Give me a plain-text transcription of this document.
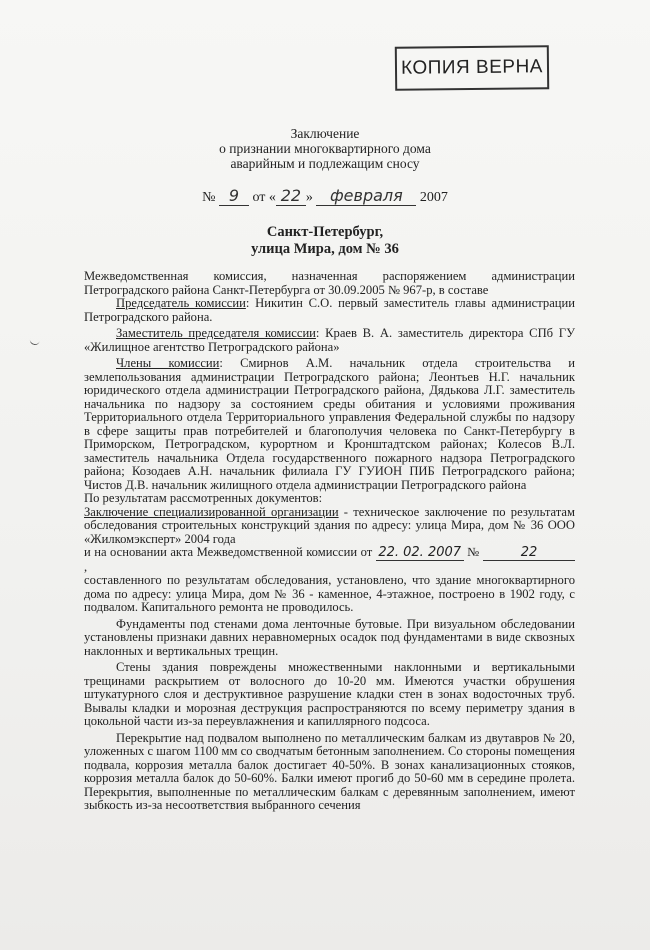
КОПИЯ ВЕРНА
Заключение
о признании многоквартирного дома
аварийным и подлежащим сносу
№ 9 от « 22 » февраля 2007
Санкт-Петербург,
улица Мира, дом № 36

Межведомственная комиссия, назначенная распоряжением администрации Петроградского района Санкт-Петербурга от 30.09.2005 № 967-р, в составе

Председатель комиссии: Никитин С.О. первый заместитель главы администрации Петроградского района.

Заместитель председателя комиссии: Краев В. А. заместитель директора СПб ГУ «Жилищное агентство Петроградского района»

Члены комиссии: Смирнов А.М. начальник отдела строительства и землепользования администрации Петроградского района; Леонтьев Н.Г. начальник юридического отдела администрации Петроградского района, Дядькова Л.Г. заместитель начальника по надзору за состоянием среды обитания и условиями проживания Территориального отдела Территориального управления Федеральной службы по надзору в сфере защиты прав потребителей и благополучия человека по Санкт-Петербургу в Приморском, Петроградском, курортном и Кронштадтском районах; Колесов В.Л. заместитель начальника Отдела государственного пожарного надзора Петроградского района; Козодаев А.Н. начальник филиала ГУ ГУИОН ПИБ Петроградского района; Чистов Д.В. начальник жилищного отдела администрации Петроградского района

По результатам рассмотренных документов:

Заключение специализированной организации - техническое заключение по результатам обследования строительных конструкций здания по адресу: улица Мира, дом № 36 ООО «Жилкомэксперт» 2004 года

и на основании акта Межведомственной комиссии от 22. 02. 2007 №	22 ,

составленного по результатам обследования, установлено, что здание многоквартирного дома по адресу: улица Мира, дом № 36 - каменное, 4-этажное, построено в 1902 году, с подвалом. Капитального ремонта не проводилось.

Фундаменты под стенами дома ленточные бутовые. При визуальном обследовании установлены признаки давних неравномерных осадок под фундаментами в виде сквозных наклонных и вертикальных трещин.

Стены здания повреждены множественными наклонными и вертикальными трещинами раскрытием от волосного до 10-20 мм. Имеются участки обрушения штукатурного слоя и деструктивное разрушение кладки стен в зонах водосточных труб. Вывалы кладки и морозная деструкция распространяются по всему периметру здания в цокольной части из-за переувлажнения и капиллярного подсоса.

Перекрытие над подвалом выполнено по металлическим балкам из двутавров № 20, уложенных с шагом 1100 мм со сводчатым бетонным заполнением. Со стороны помещения подвала, коррозия металла балок достигает 40-50%. В зонах канализационных стояков, коррозия металла балок до 50-60%. Балки имеют прогиб до 50-60 мм в середине пролета. Перекрытия, выполненные по металлическим балкам с деревянным заполнением, имеют зыбкость из-за несоответствия выбранного сечения
